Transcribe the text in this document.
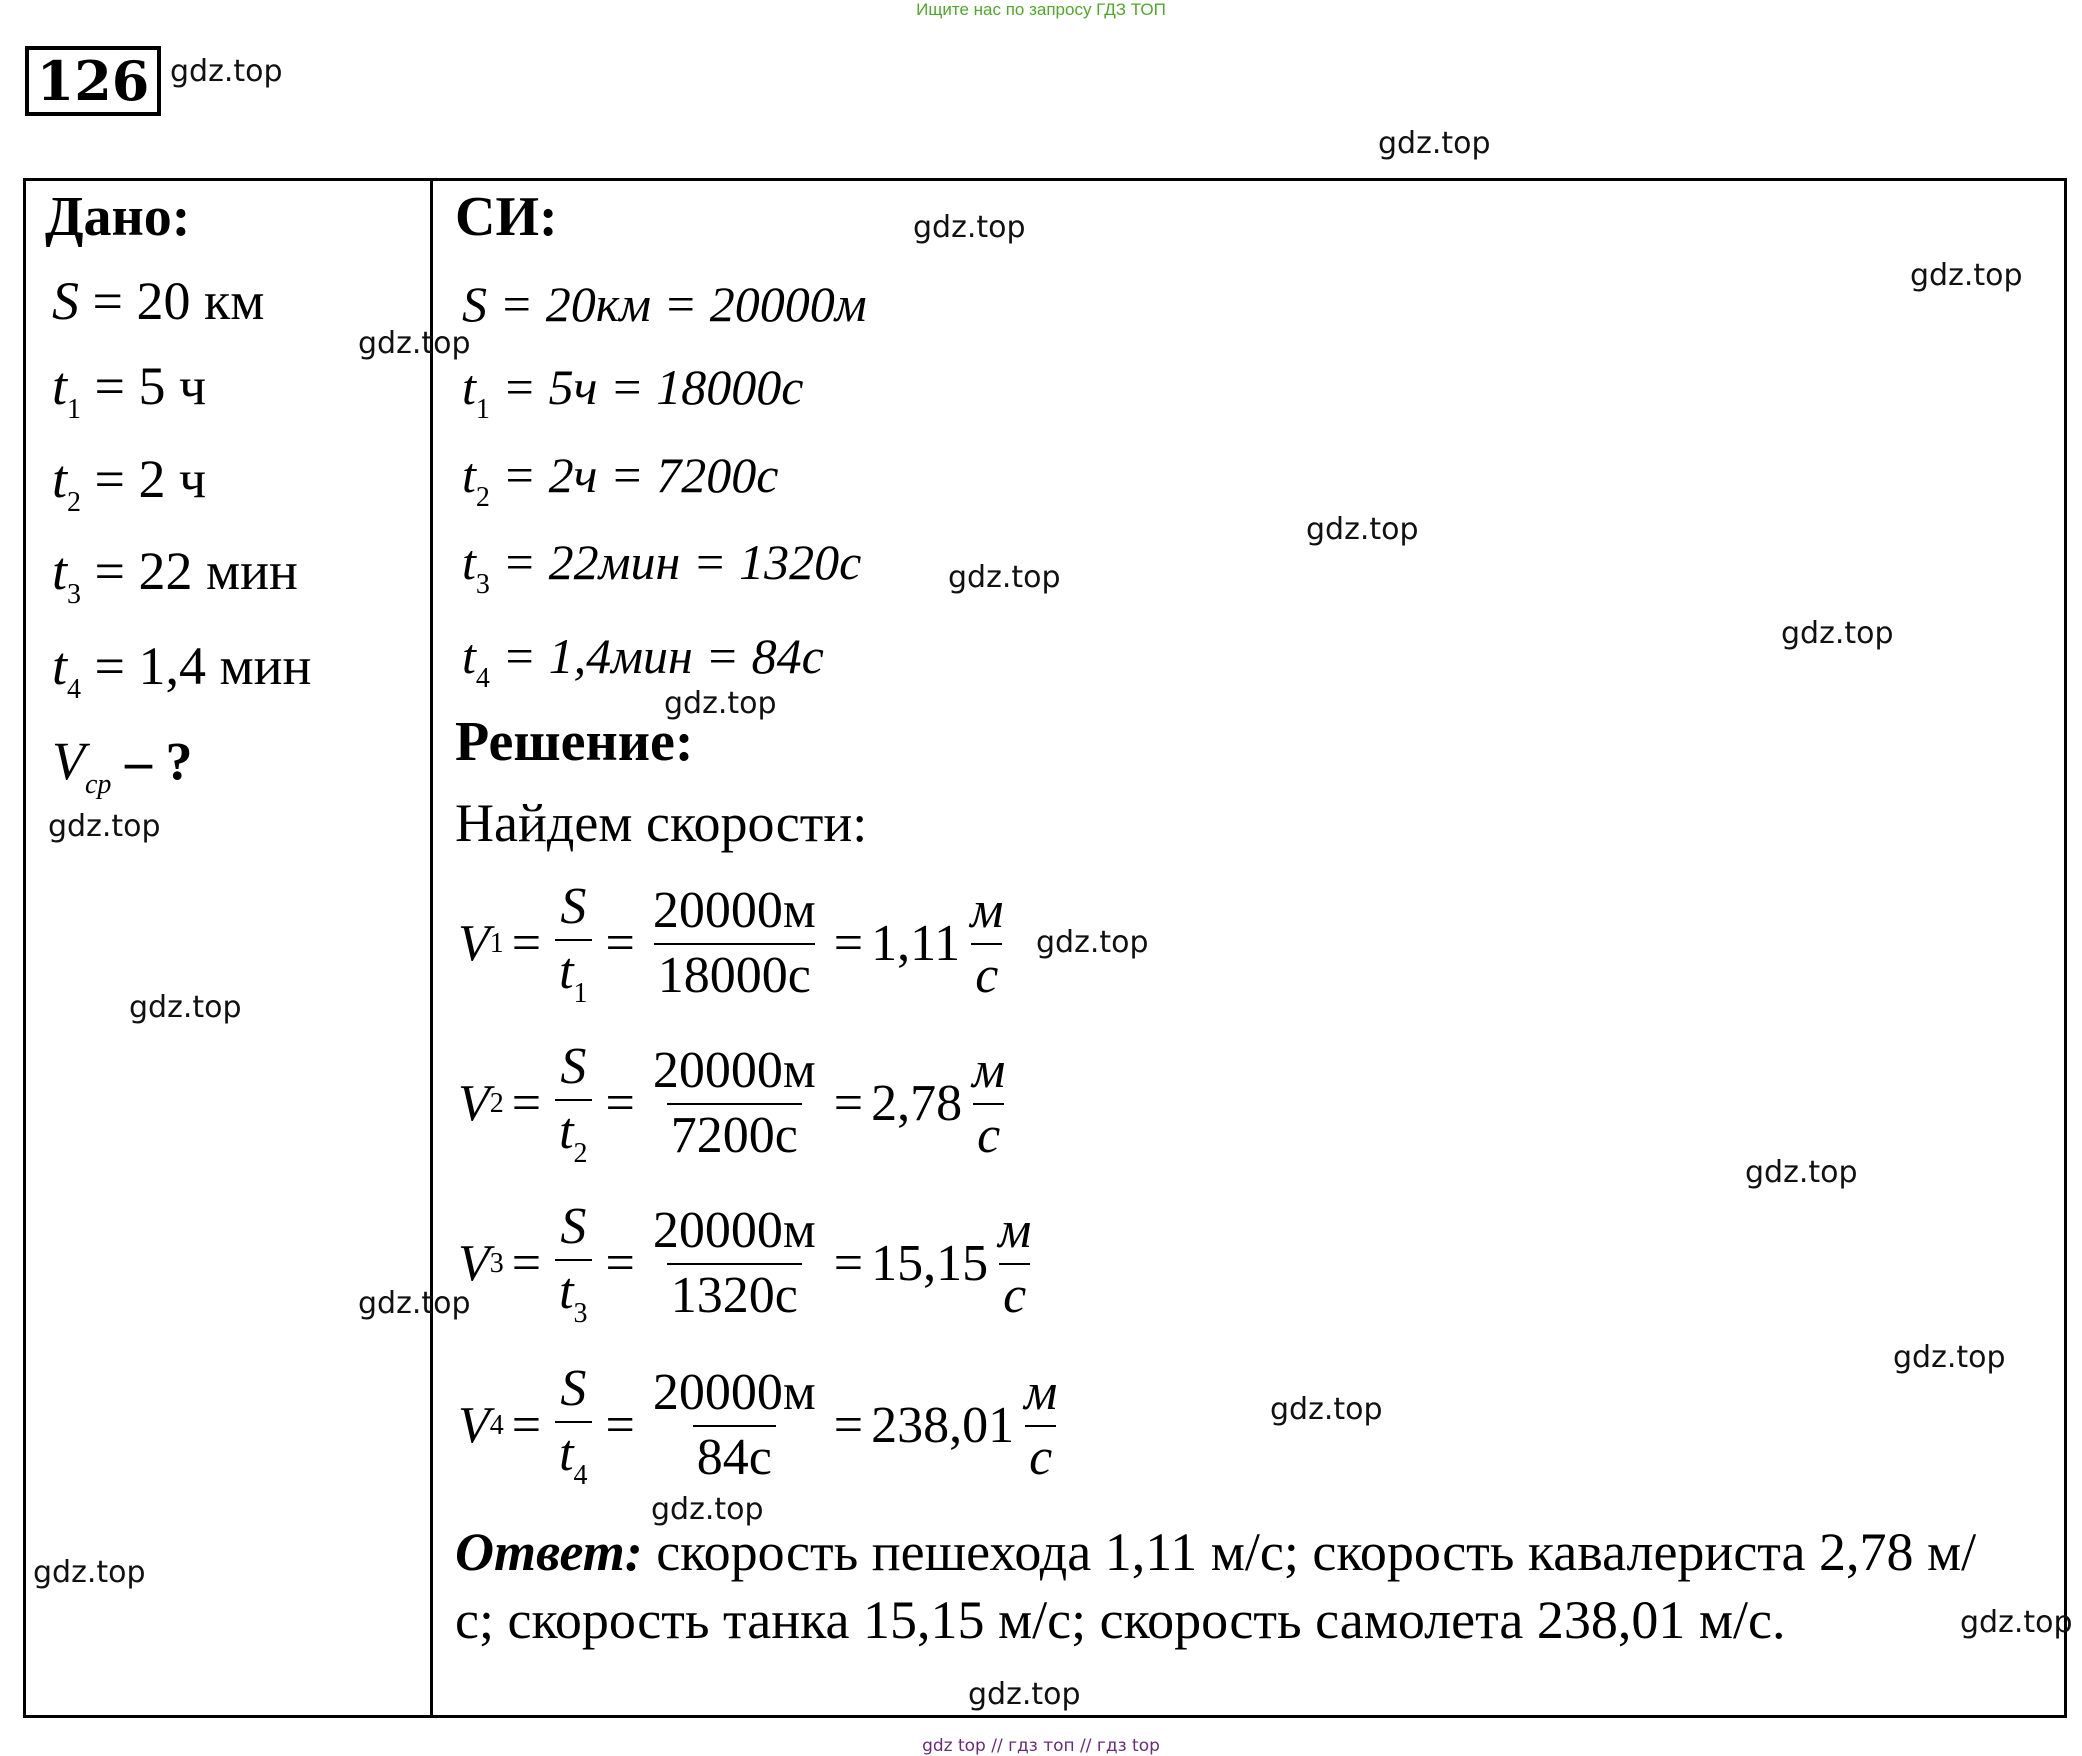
Ищите нас по запросу ГДЗ ТОП
126
Дано:
S = 20 км
$t_1 = 5$ ч
$t_2 = 2$ ч
$t_3 = 22$ мин
$t_4 = 1,4$ мин
$V_{ср}$ – ?
СИ:
S = 20км = 20000м
$t_1 = 5ч = 18000с$
$t_2 = 2ч = 7200с$
$t_3 = 22мин = 1320с$
$t_4 = 1,4мин = 84с$
Решение:
Найдем скорости:
V $1 = \frac{S}{t_1} = \frac{20000м}{18000с} = 1,11 \frac{м}{с}$
V $2 = \frac{S}{t_2} = \frac{20000м}{7200с} = 2,78 \frac{м}{с}$
V $3 = \frac{S}{t_3} = \frac{20000м}{1320с} = 15,15 \frac{м}{с}$
V $4 = \frac{S}{t_4} = \frac{20000м}{84с} = 238,01 \frac{м}{с}$
Ответ: скорость пешехода 1,11 м/с; скорость кавалериста 2,78 м/с; скорость танка 15,15 м/с; скорость самолета 238,01 м/с.
gdz.top
gdz.top
gdz.top
gdz.top
gdz.top
gdz.top
gdz.top
gdz.top
gdz.top
gdz.top
gdz.top
gdz.top
gdz.top
gdz.top
gdz.top
gdz.top
gdz.top
gdz.top
gdz.top
gdz.top
gdz top // гдз топ // гдз top
